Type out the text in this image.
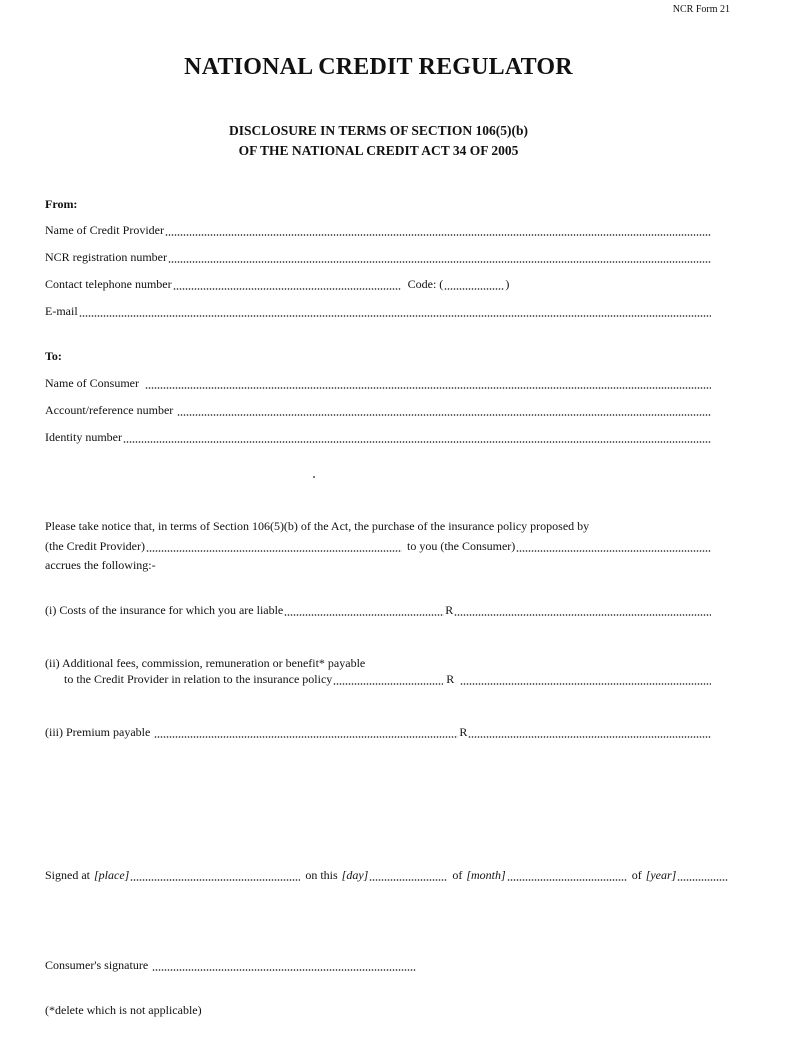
NCR Form 21
NATIONAL CREDIT REGULATOR
DISCLOSURE IN TERMS OF SECTION 106(5)(b)
OF THE NATIONAL CREDIT ACT 34 OF 2005
From:
Name of Credit Provider
NCR registration number
Contact telephone number	Code: (	)
E-mail
To:
Name of Consumer
Account/reference number
Identity number
Please take notice that, in terms of Section 106(5)(b) of the Act, the purchase of the insurance policy proposed by
(the Credit Provider)	to you (the Consumer)
accrues the following:-
(i) Costs of the insurance for which you are liable	R
(ii) Additional fees, commission, remuneration or benefit* payable
to the Credit Provider in relation to the insurance policy	R
(iii) Premium payable	R
Signed at [place]	on this [day]	of [month]	of [year]
Consumer's signature
(*delete which is not applicable)
